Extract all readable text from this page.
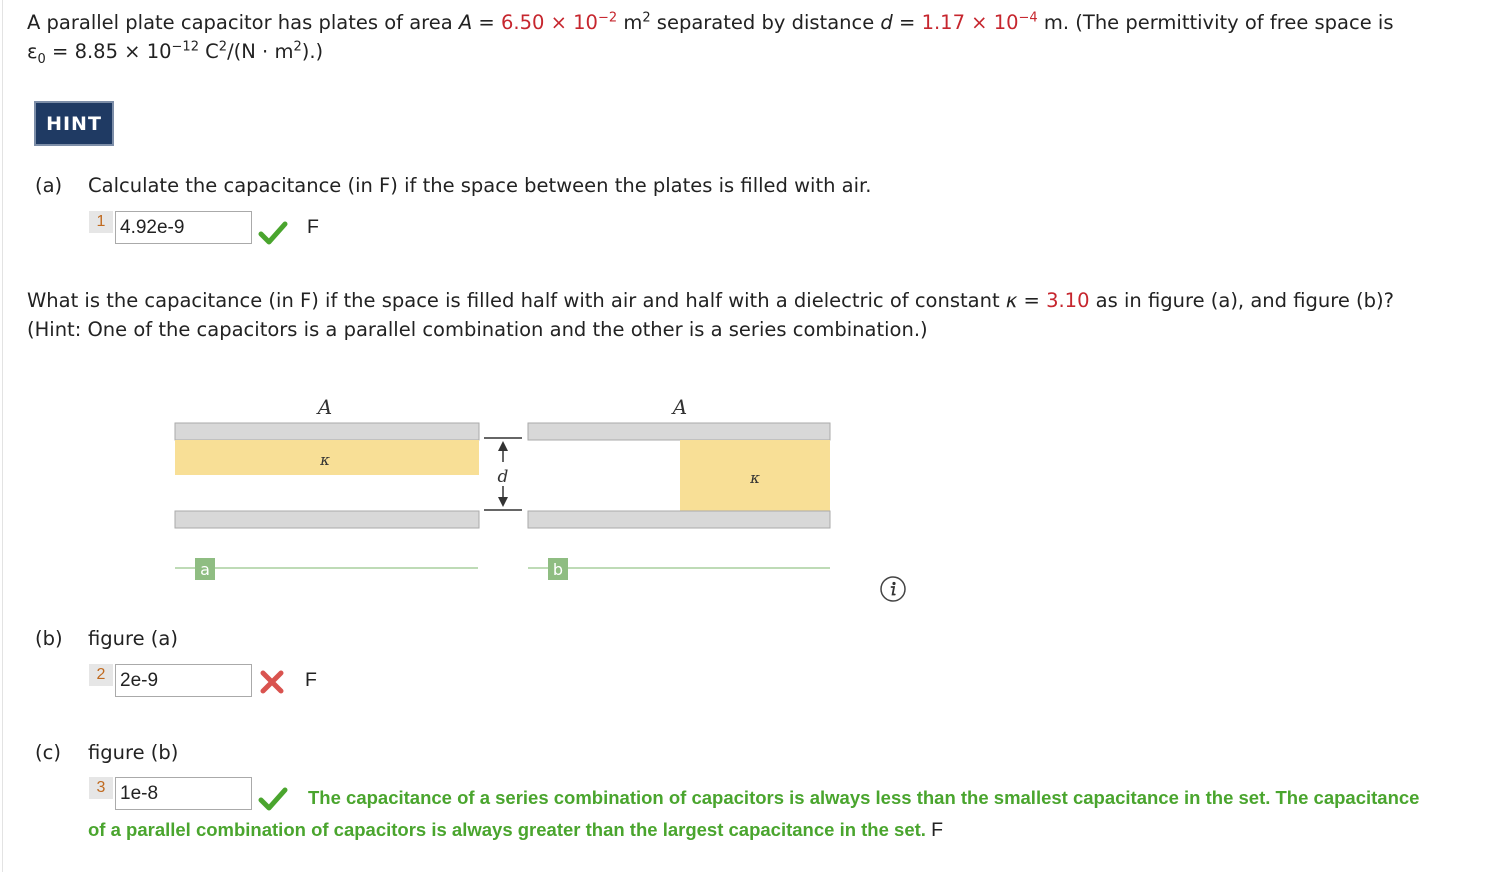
A parallel plate capacitor has plates of area $A = 6.50 \times 10^{-2}$ $m^2$ separated by distance $d = 1.17 \times 10^{-4}$ m. (The permittivity of free space is
$\varepsilon_0 = 8.85 \times 10^{-12}$ $C^2/(N \cdot m^2)$.)
HINT
(a) Calculate the capacitance (in F) if the space between the plates is filled with air.
1
4.92e-9	F
What is the capacitance (in F) if the space is filled half with air and half with a dielectric of constant κ = 3.10 as in figure (a), and figure (b)?
(Hint: One of the capacitors is a parallel combination and the other is a series combination.)
A
κ
a
d
A
κ
b
(b) figure (a)
2
2e-9	F
(c) figure (b)
3
1e-8	The capacitance of a series combination of capacitors is always less than the smallest capacitance in the set. The capacitance of a parallel combination of capacitors is always greater than the largest capacitance in the set. F
